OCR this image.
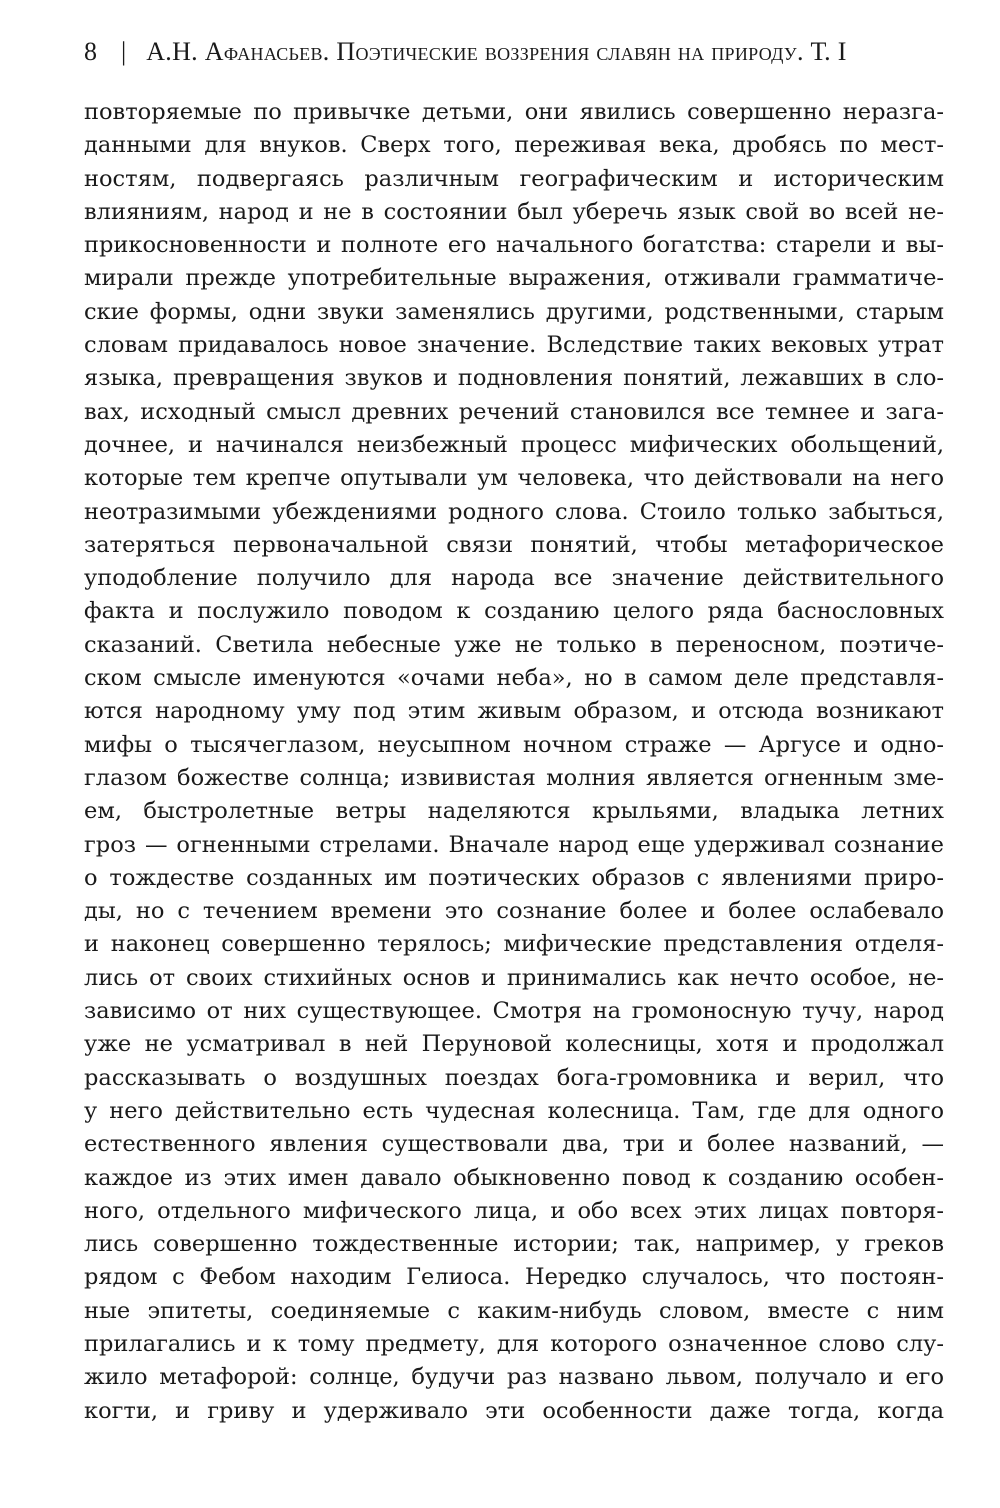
8 | А.Н. Афанасьев. Поэтические воззрения славян на природу. Т. I
повторяемые по привычке детьми, они явились совершенно неразга-
данными для внуков. Сверх того, переживая века, дробясь по мест-
ностям, подвергаясь различным географическим и историческим
влияниям, народ и не в состоянии был уберечь язык свой во всей не-
прикосновенности и полноте его начального богатства: старели и вы-
мирали прежде употребительные выражения, отживали грамматиче-
ские формы, одни звуки заменялись другими, родственными, старым
словам придавалось новое значение. Вследствие таких вековых утрат
языка, превращения звуков и подновления понятий, лежавших в сло-
вах, исходный смысл древних речений становился все темнее и зага-
дочнее, и начинался неизбежный процесс мифических обольщений,
которые тем крепче опутывали ум человека, что действовали на него
неотразимыми убеждениями родного слова. Стоило только забыться,
затеряться первоначальной связи понятий, чтобы метафорическое
уподобление получило для народа все значение действительного
факта и послужило поводом к созданию целого ряда баснословных
сказаний. Светила небесные уже не только в переносном, поэтиче-
ском смысле именуются «очами неба», но в самом деле представля-
ются народному уму под этим живым образом, и отсюда возникают
мифы о тысячеглазом, неусыпном ночном страже — Аргусе и одно-
глазом божестве солнца; извивистая молния является огненным зме-
ем, быстролетные ветры наделяются крыльями, владыка летних
гроз — огненными стрелами. Вначале народ еще удерживал сознание
о тождестве созданных им поэтических образов с явлениями приро-
ды, но с течением времени это сознание более и более ослабевало
и наконец совершенно терялось; мифические представления отделя-
лись от своих стихийных основ и принимались как нечто особое, не-
зависимо от них существующее. Смотря на громоносную тучу, народ
уже не усматривал в ней Перуновой колесницы, хотя и продолжал
рассказывать о воздушных поездах бога-громовника и верил, что
у него действительно есть чудесная колесница. Там, где для одного
естественного явления существовали два, три и более названий, —
каждое из этих имен давало обыкновенно повод к созданию особен-
ного, отдельного мифического лица, и обо всех этих лицах повторя-
лись совершенно тождественные истории; так, например, у греков
рядом с Фебом находим Гелиоса. Нередко случалось, что постоян-
ные эпитеты, соединяемые с каким-нибудь словом, вместе с ним
прилагались и к тому предмету, для которого означенное слово слу-
жило метафорой: солнце, будучи раз названо львом, получало и его
когти, и гриву и удерживало эти особенности даже тогда, когда
